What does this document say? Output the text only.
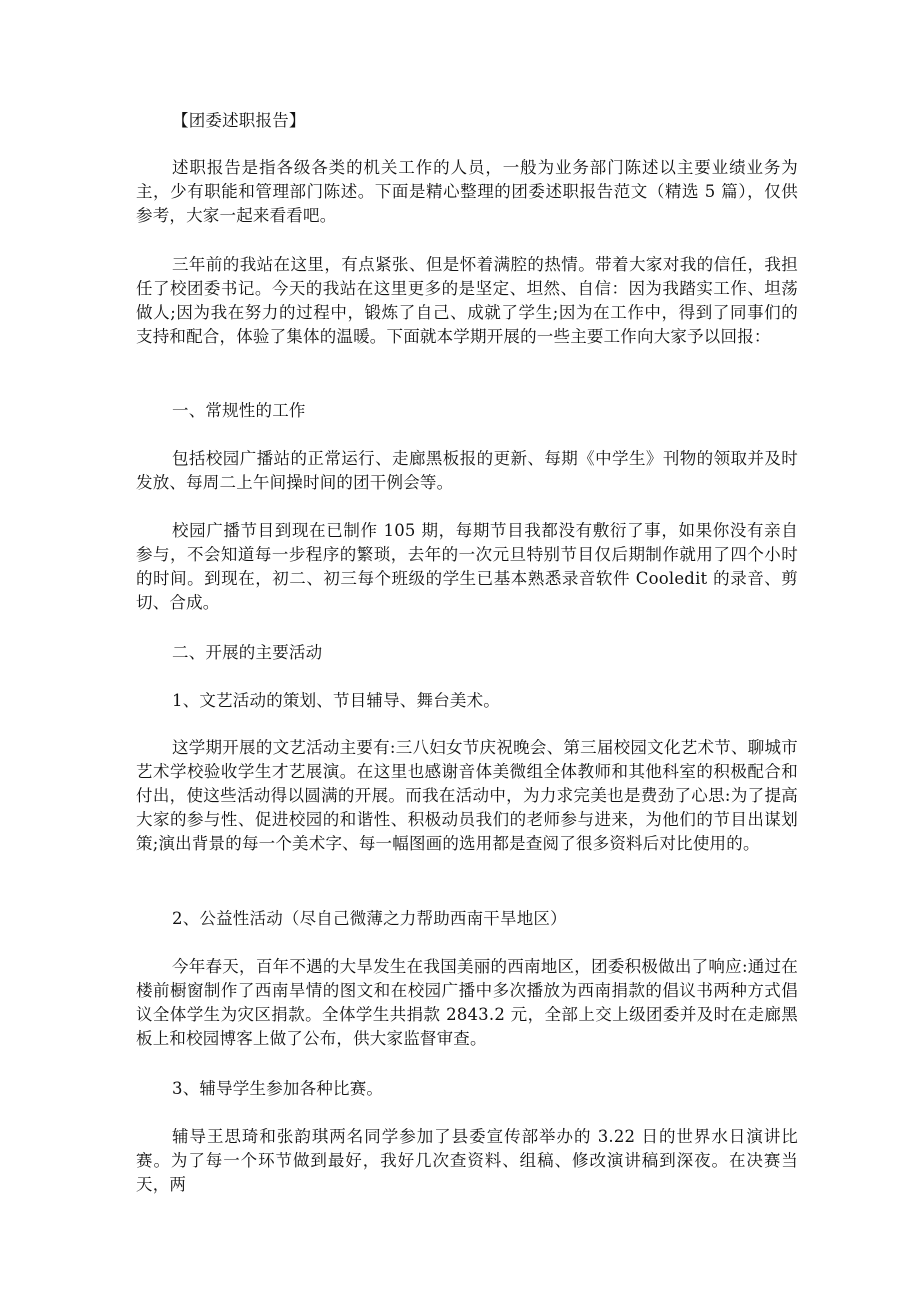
【团委述职报告】

述职报告是指各级各类的机关工作的人员，一般为业务部门陈述以主要业绩业务为主，少有职能和管理部门陈述。下面是精心整理的团委述职报告范文（精选 5 篇），仅供参考，大家一起来看看吧。

三年前的我站在这里，有点紧张、但是怀着满腔的热情。带着大家对我的信任，我担任了校团委书记。今天的我站在这里更多的是坚定、坦然、自信：因为我踏实工作、坦荡做人;因为我在努力的过程中，锻炼了自己、成就了学生;因为在工作中，得到了同事们的支持和配合，体验了集体的温暖。下面就本学期开展的一些主要工作向大家予以回报：

一、常规性的工作

包括校园广播站的正常运行、走廊黑板报的更新、每期《中学生》刊物的领取并及时发放、每周二上午间操时间的团干例会等。

校园广播节目到现在已制作 105 期，每期节目我都没有敷衍了事，如果你没有亲自参与，不会知道每一步程序的繁琐，去年的一次元旦特别节目仅后期制作就用了四个小时的时间。到现在，初二、初三每个班级的学生已基本熟悉录音软件 Cooledit 的录音、剪切、合成。

二、开展的主要活动

1、文艺活动的策划、节目辅导、舞台美术。

这学期开展的文艺活动主要有:三八妇女节庆祝晚会、第三届校园文化艺术节、聊城市艺术学校验收学生才艺展演。在这里也感谢音体美微组全体教师和其他科室的积极配合和付出，使这些活动得以圆满的开展。而我在活动中，为力求完美也是费劲了心思:为了提高大家的参与性、促进校园的和谐性、积极动员我们的老师参与进来，为他们的节目出谋划策;演出背景的每一个美术字、每一幅图画的选用都是查阅了很多资料后对比使用的。

2、公益性活动（尽自己微薄之力帮助西南干旱地区）

今年春天，百年不遇的大旱发生在我国美丽的西南地区，团委积极做出了响应:通过在楼前橱窗制作了西南旱情的图文和在校园广播中多次播放为西南捐款的倡议书两种方式倡议全体学生为灾区捐款。全体学生共捐款 2843.2 元，全部上交上级团委并及时在走廊黑板上和校园博客上做了公布，供大家监督审查。

3、辅导学生参加各种比赛。

辅导王思琦和张韵琪两名同学参加了县委宣传部举办的 3.22 日的世界水日演讲比赛。为了每一个环节做到最好，我好几次查资料、组稿、修改演讲稿到深夜。在决赛当天，两
